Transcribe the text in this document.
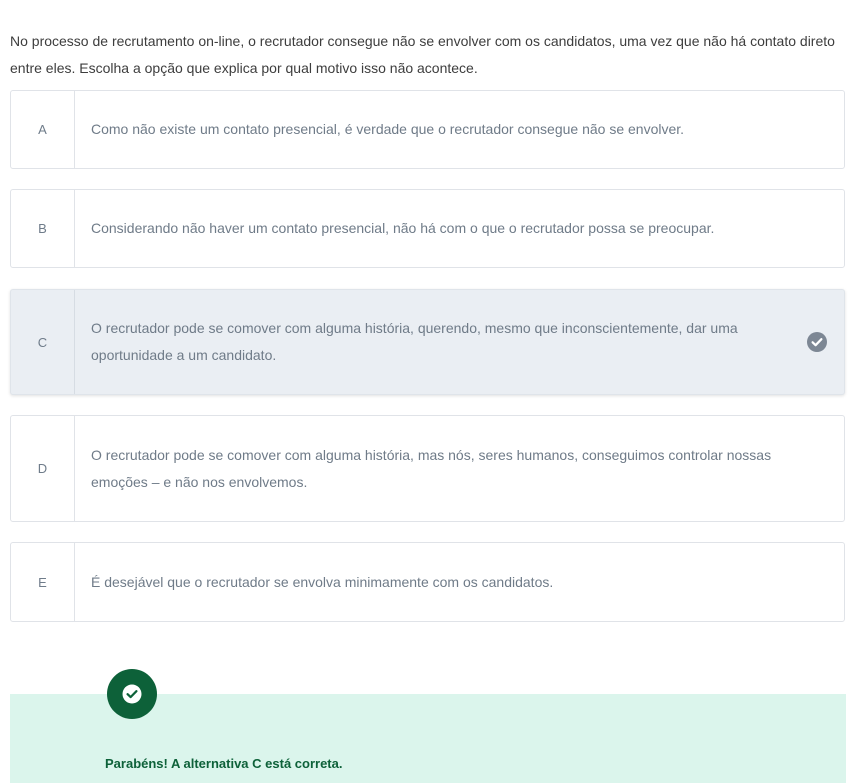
No processo de recrutamento on-line, o recrutador consegue não se envolver com os candidatos, uma vez que não há contato direto entre eles. Escolha a opção que explica por qual motivo isso não acontece.

A	Como não existe um contato presencial, é verdade que o recrutador consegue não se envolver.
B	Considerando não haver um contato presencial, não há com o que o recrutador possa se preocupar.
C
O recrutador pode se comover com alguma história, querendo, mesmo que inconscientemente, dar uma oportunidade a um candidato.
D
O recrutador pode se comover com alguma história, mas nós, seres humanos, conseguimos controlar nossas emoções – e não nos envolvemos.
E	É desejável que o recrutador se envolva minimamente com os candidatos.
Parabéns! A alternativa C está correta.
